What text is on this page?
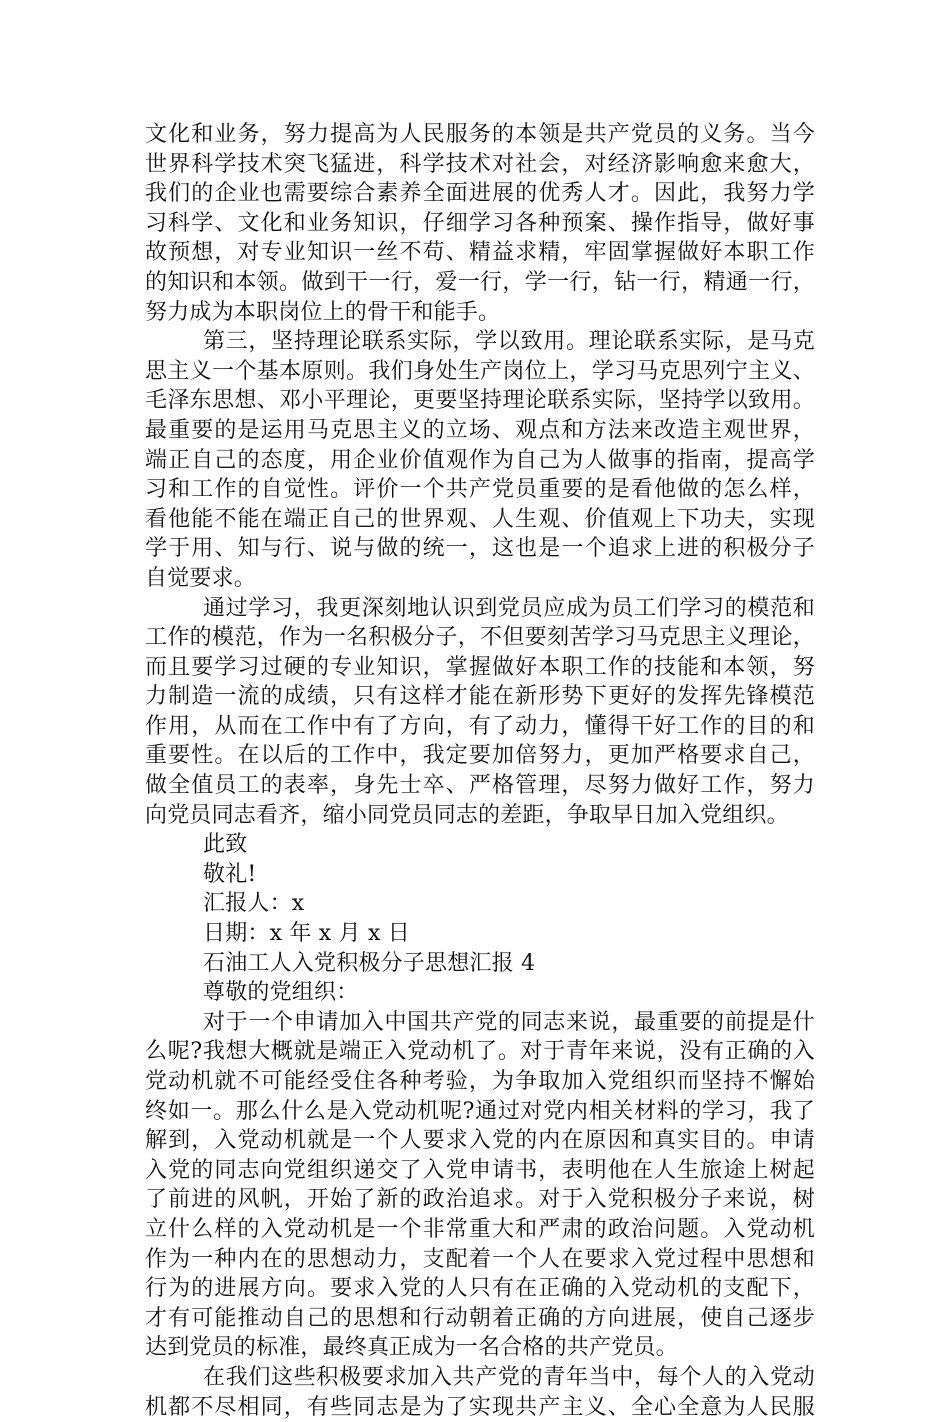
文化和业务，努力提高为人民服务的本领是共产党员的义务。当今
世界科学技术突飞猛进，科学技术对社会，对经济影响愈来愈大，
我们的企业也需要综合素养全面进展的优秀人才。因此，我努力学
习科学、文化和业务知识，仔细学习各种预案、操作指导，做好事
故预想，对专业知识一丝不苟、精益求精，牢固掌握做好本职工作
的知识和本领。做到干一行，爱一行，学一行，钻一行，精通一行，
努力成为本职岗位上的骨干和能手。
第三，坚持理论联系实际，学以致用。理论联系实际，是马克
思主义一个基本原则。我们身处生产岗位上，学习马克思列宁主义、
毛泽东思想、邓小平理论，更要坚持理论联系实际，坚持学以致用。
最重要的是运用马克思主义的立场、观点和方法来改造主观世界，
端正自己的态度，用企业价值观作为自己为人做事的指南，提高学
习和工作的自觉性。评价一个共产党员重要的是看他做的怎么样，
看他能不能在端正自己的世界观、人生观、价值观上下功夫，实现
学于用、知与行、说与做的统一，这也是一个追求上进的积极分子
自觉要求。
通过学习，我更深刻地认识到党员应成为员工们学习的模范和
工作的模范，作为一名积极分子，不但要刻苦学习马克思主义理论，
而且要学习过硬的专业知识，掌握做好本职工作的技能和本领，努
力制造一流的成绩，只有这样才能在新形势下更好的发挥先锋模范
作用，从而在工作中有了方向，有了动力，懂得干好工作的目的和
重要性。在以后的工作中，我定要加倍努力，更加严格要求自己，
做全值员工的表率，身先士卒、严格管理，尽努力做好工作，努力
向党员同志看齐，缩小同党员同志的差距，争取早日加入党组织。
此致
敬礼!
汇报人：x
日期：x 年 x 月 x 日
石油工人入党积极分子思想汇报 4
尊敬的党组织：
对于一个申请加入中国共产党的同志来说，最重要的前提是什
么呢?我想大概就是端正入党动机了。对于青年来说，没有正确的入
党动机就不可能经受住各种考验，为争取加入党组织而坚持不懈始
终如一。那么什么是入党动机呢?通过对党内相关材料的学习，我了
解到，入党动机就是一个人要求入党的内在原因和真实目的。申请
入党的同志向党组织递交了入党申请书，表明他在人生旅途上树起
了前进的风帆，开始了新的政治追求。对于入党积极分子来说，树
立什么样的入党动机是一个非常重大和严肃的政治问题。入党动机
作为一种内在的思想动力，支配着一个人在要求入党过程中思想和
行为的进展方向。要求入党的人只有在正确的入党动机的支配下，
才有可能推动自己的思想和行动朝着正确的方向进展，使自己逐步
达到党员的标准，最终真正成为一名合格的共产党员。
在我们这些积极要求加入共产党的青年当中，每个人的入党动
机都不尽相同，有些同志是为了实现共产主义、全心全意为人民服
